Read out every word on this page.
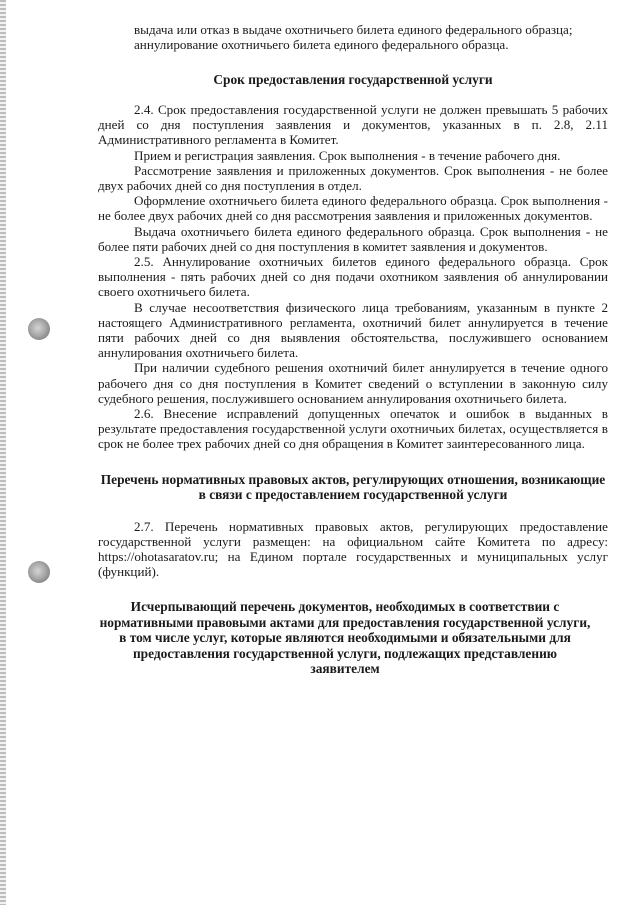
выдача или отказ в выдаче охотничьего билета единого федерального образца;

аннулирование охотничьего билета единого федерального образца.

Срок предоставления государственной услуги

2.4. Срок предоставления государственной услуги не должен превышать 5 рабочих дней со дня поступления заявления и документов, указанных в п. 2.8, 2.11 Административного регламента в Комитет.

Прием и регистрация заявления. Срок выполнения - в течение рабочего дня.

Рассмотрение заявления и приложенных документов. Срок выполнения - не более двух рабочих дней со дня поступления в отдел.

Оформление охотничьего билета единого федерального образца. Срок выполнения - не более двух рабочих дней со дня рассмотрения заявления и приложенных документов.

Выдача охотничьего билета единого федерального образца. Срок выполнения - не более пяти рабочих дней со дня поступления в комитет заявления и документов.

2.5. Аннулирование охотничьих билетов единого федерального образца. Срок выполнения - пять рабочих дней со дня подачи охотником заявления об аннулировании своего охотничьего билета.

В случае несоответствия физического лица требованиям, указанным в пункте 2 настоящего Административного регламента, охотничий билет аннулируется в течение пяти рабочих дней со дня выявления обстоятельства, послужившего основанием аннулирования охотничьего билета.

При наличии судебного решения охотничий билет аннулируется в течение одного рабочего дня со дня поступления в Комитет сведений о вступлении в законную силу судебного решения, послужившего основанием аннулирования охотничьего билета.

2.6. Внесение исправлений допущенных опечаток и ошибок в выданных в результате предоставления государственной услуги охотничьих билетах, осуществляется в срок не более трех рабочих дней со дня обращения в Комитет заинтересованного лица.

Перечень нормативных правовых актов, регулирующих отношения, возникающие в связи с предоставлением государственной услуги

2.7. Перечень нормативных правовых актов, регулирующих предоставление государственной услуги размещен: на официальном сайте Комитета по адресу: https://ohotasaratov.ru; на Едином портале государственных и муниципальных услуг (функций).

Исчерпывающий перечень документов, необходимых в соответствии с нормативными правовыми актами для предоставления государственной услуги, в том числе услуг, которые являются необходимыми и обязательными для предоставления государственной услуги, подлежащих представлению заявителем
